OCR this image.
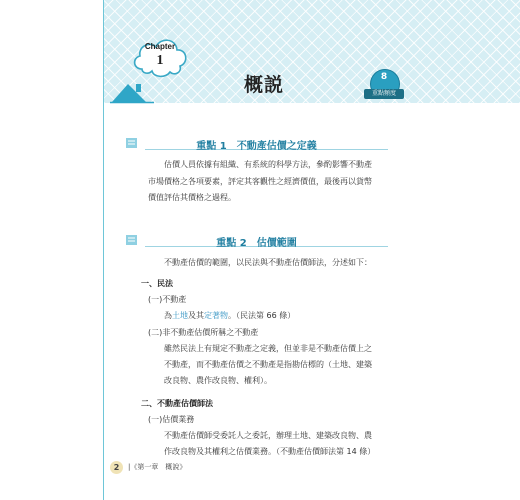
Chapter
1
概説	8
重點頻度
重點 1　不動產估價之定義
估價人員依據有組織、有系統的科學方法，參酌影響不動產
市場價格之各項要素，評定其客觀性之經濟價值，最後再以貨幣
價值評估其價格之過程。
重點 2　估價範圍
不動產估價的範圍，以民法與不動產估價師法，分述如下：
一、民法
(一)不動產
為土地及其定著物。（民法第 66 條）
(二)非不動產估價所稱之不動產
雖然民法上有規定不動產之定義，但並非是不動產估價上之
不動產，而不動產估價之不動產是指勘估標的（土地、建築
改良物、農作改良物、權利）。
二、不動產估價師法
(一)估價業務
不動產估價師受委託人之委託，辦理土地、建築改良物、農
作改良物及其權利之估價業務。（不動產估價師法第 14 條）
2	|《第一章　概說》
